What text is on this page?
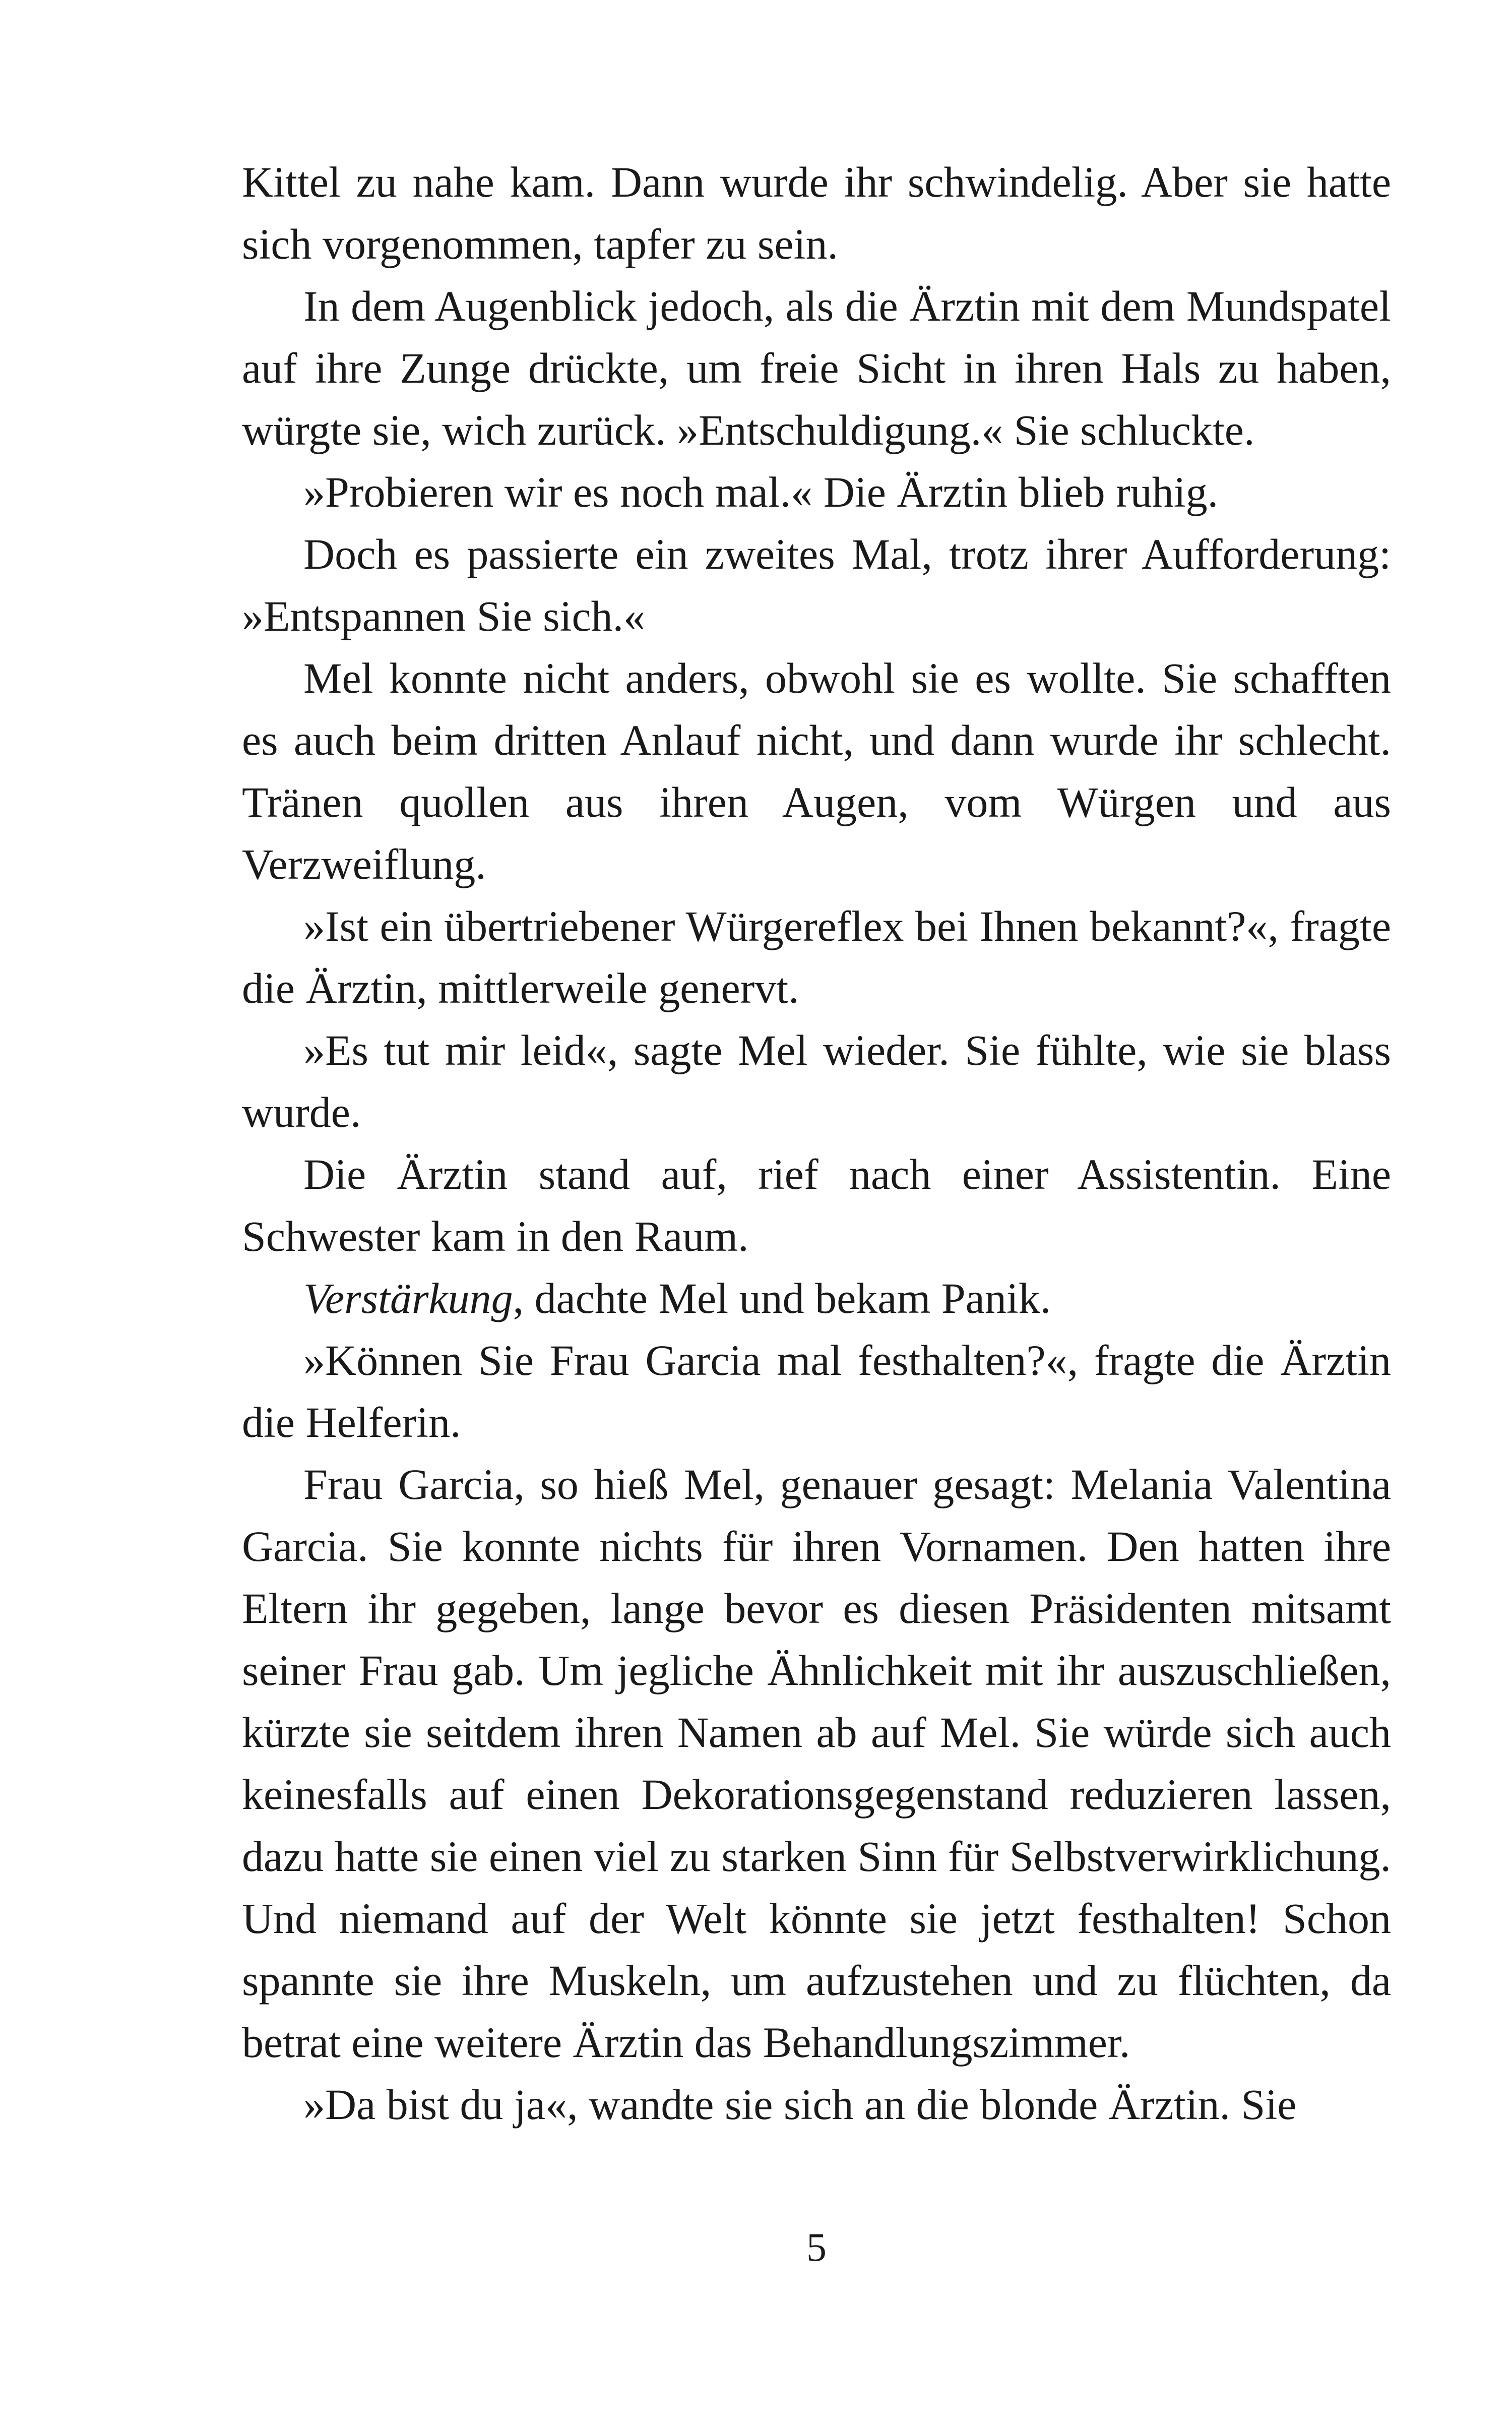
Kittel zu nahe kam. Dann wurde ihr schwindelig. Aber sie hatte sich vorgenommen, tapfer zu sein.

In dem Augenblick jedoch, als die Ärztin mit dem Mundspatel auf ihre Zunge drückte, um freie Sicht in ihren Hals zu haben, würgte sie, wich zurück. »Entschuldigung.« Sie schluckte.

»Probieren wir es noch mal.« Die Ärztin blieb ruhig.

Doch es passierte ein zweites Mal, trotz ihrer Aufforderung: »Entspannen Sie sich.«

Mel konnte nicht anders, obwohl sie es wollte. Sie schafften es auch beim dritten Anlauf nicht, und dann wurde ihr schlecht. Tränen quollen aus ihren Augen, vom Würgen und aus Verzweiflung.

»Ist ein übertriebener Würgereflex bei Ihnen bekannt?«, fragte die Ärztin, mittlerweile genervt.

»Es tut mir leid«, sagte Mel wieder. Sie fühlte, wie sie blass wurde.

Die Ärztin stand auf, rief nach einer Assistentin. Eine Schwester kam in den Raum.

Verstärkung, dachte Mel und bekam Panik.

»Können Sie Frau Garcia mal festhalten?«, fragte die Ärztin die Helferin.

Frau Garcia, so hieß Mel, genauer gesagt: Melania Valentina Garcia. Sie konnte nichts für ihren Vornamen. Den hatten ihre Eltern ihr gegeben, lange bevor es diesen Präsidenten mitsamt seiner Frau gab. Um jegliche Ähnlichkeit mit ihr auszuschließen, kürzte sie seitdem ihren Namen ab auf Mel. Sie würde sich auch keinesfalls auf einen Dekorationsgegenstand reduzieren lassen, dazu hatte sie einen viel zu starken Sinn für Selbstverwirklichung. Und niemand auf der Welt könnte sie jetzt festhalten! Schon spannte sie ihre Muskeln, um aufzustehen und zu flüchten, da betrat eine weitere Ärztin das Behandlungszimmer.

»Da bist du ja«, wandte sie sich an die blonde Ärztin. Sie

5
